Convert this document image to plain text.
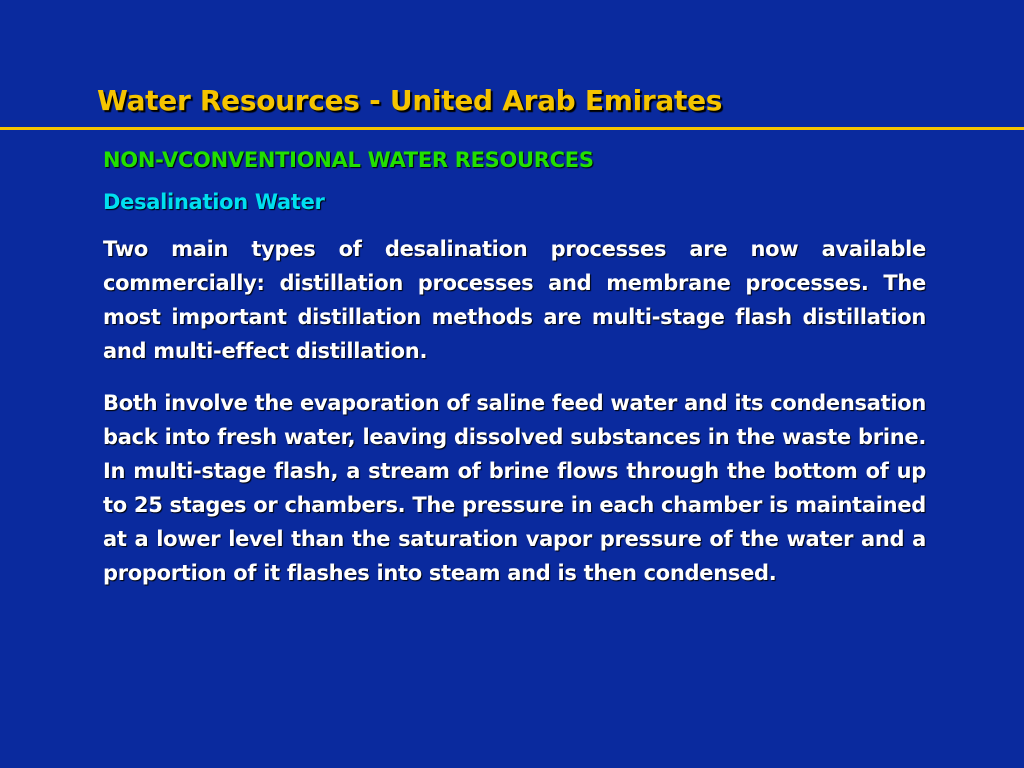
Water Resources - United Arab Emirates

NON-VCONVENTIONAL WATER RESOURCES

Desalination Water

Two main types of desalination processes are now available commercially: distillation processes and membrane processes. The most important distillation methods are multi-stage flash distillation and multi-effect distillation.

Both involve the evaporation of saline feed water and its condensation back into fresh water, leaving dissolved substances in the waste brine. In multi-stage flash, a stream of brine flows through the bottom of up to 25 stages or chambers. The pressure in each chamber is maintained at a lower level than the saturation vapor pressure of the water and a proportion of it flashes into steam and is then condensed.
